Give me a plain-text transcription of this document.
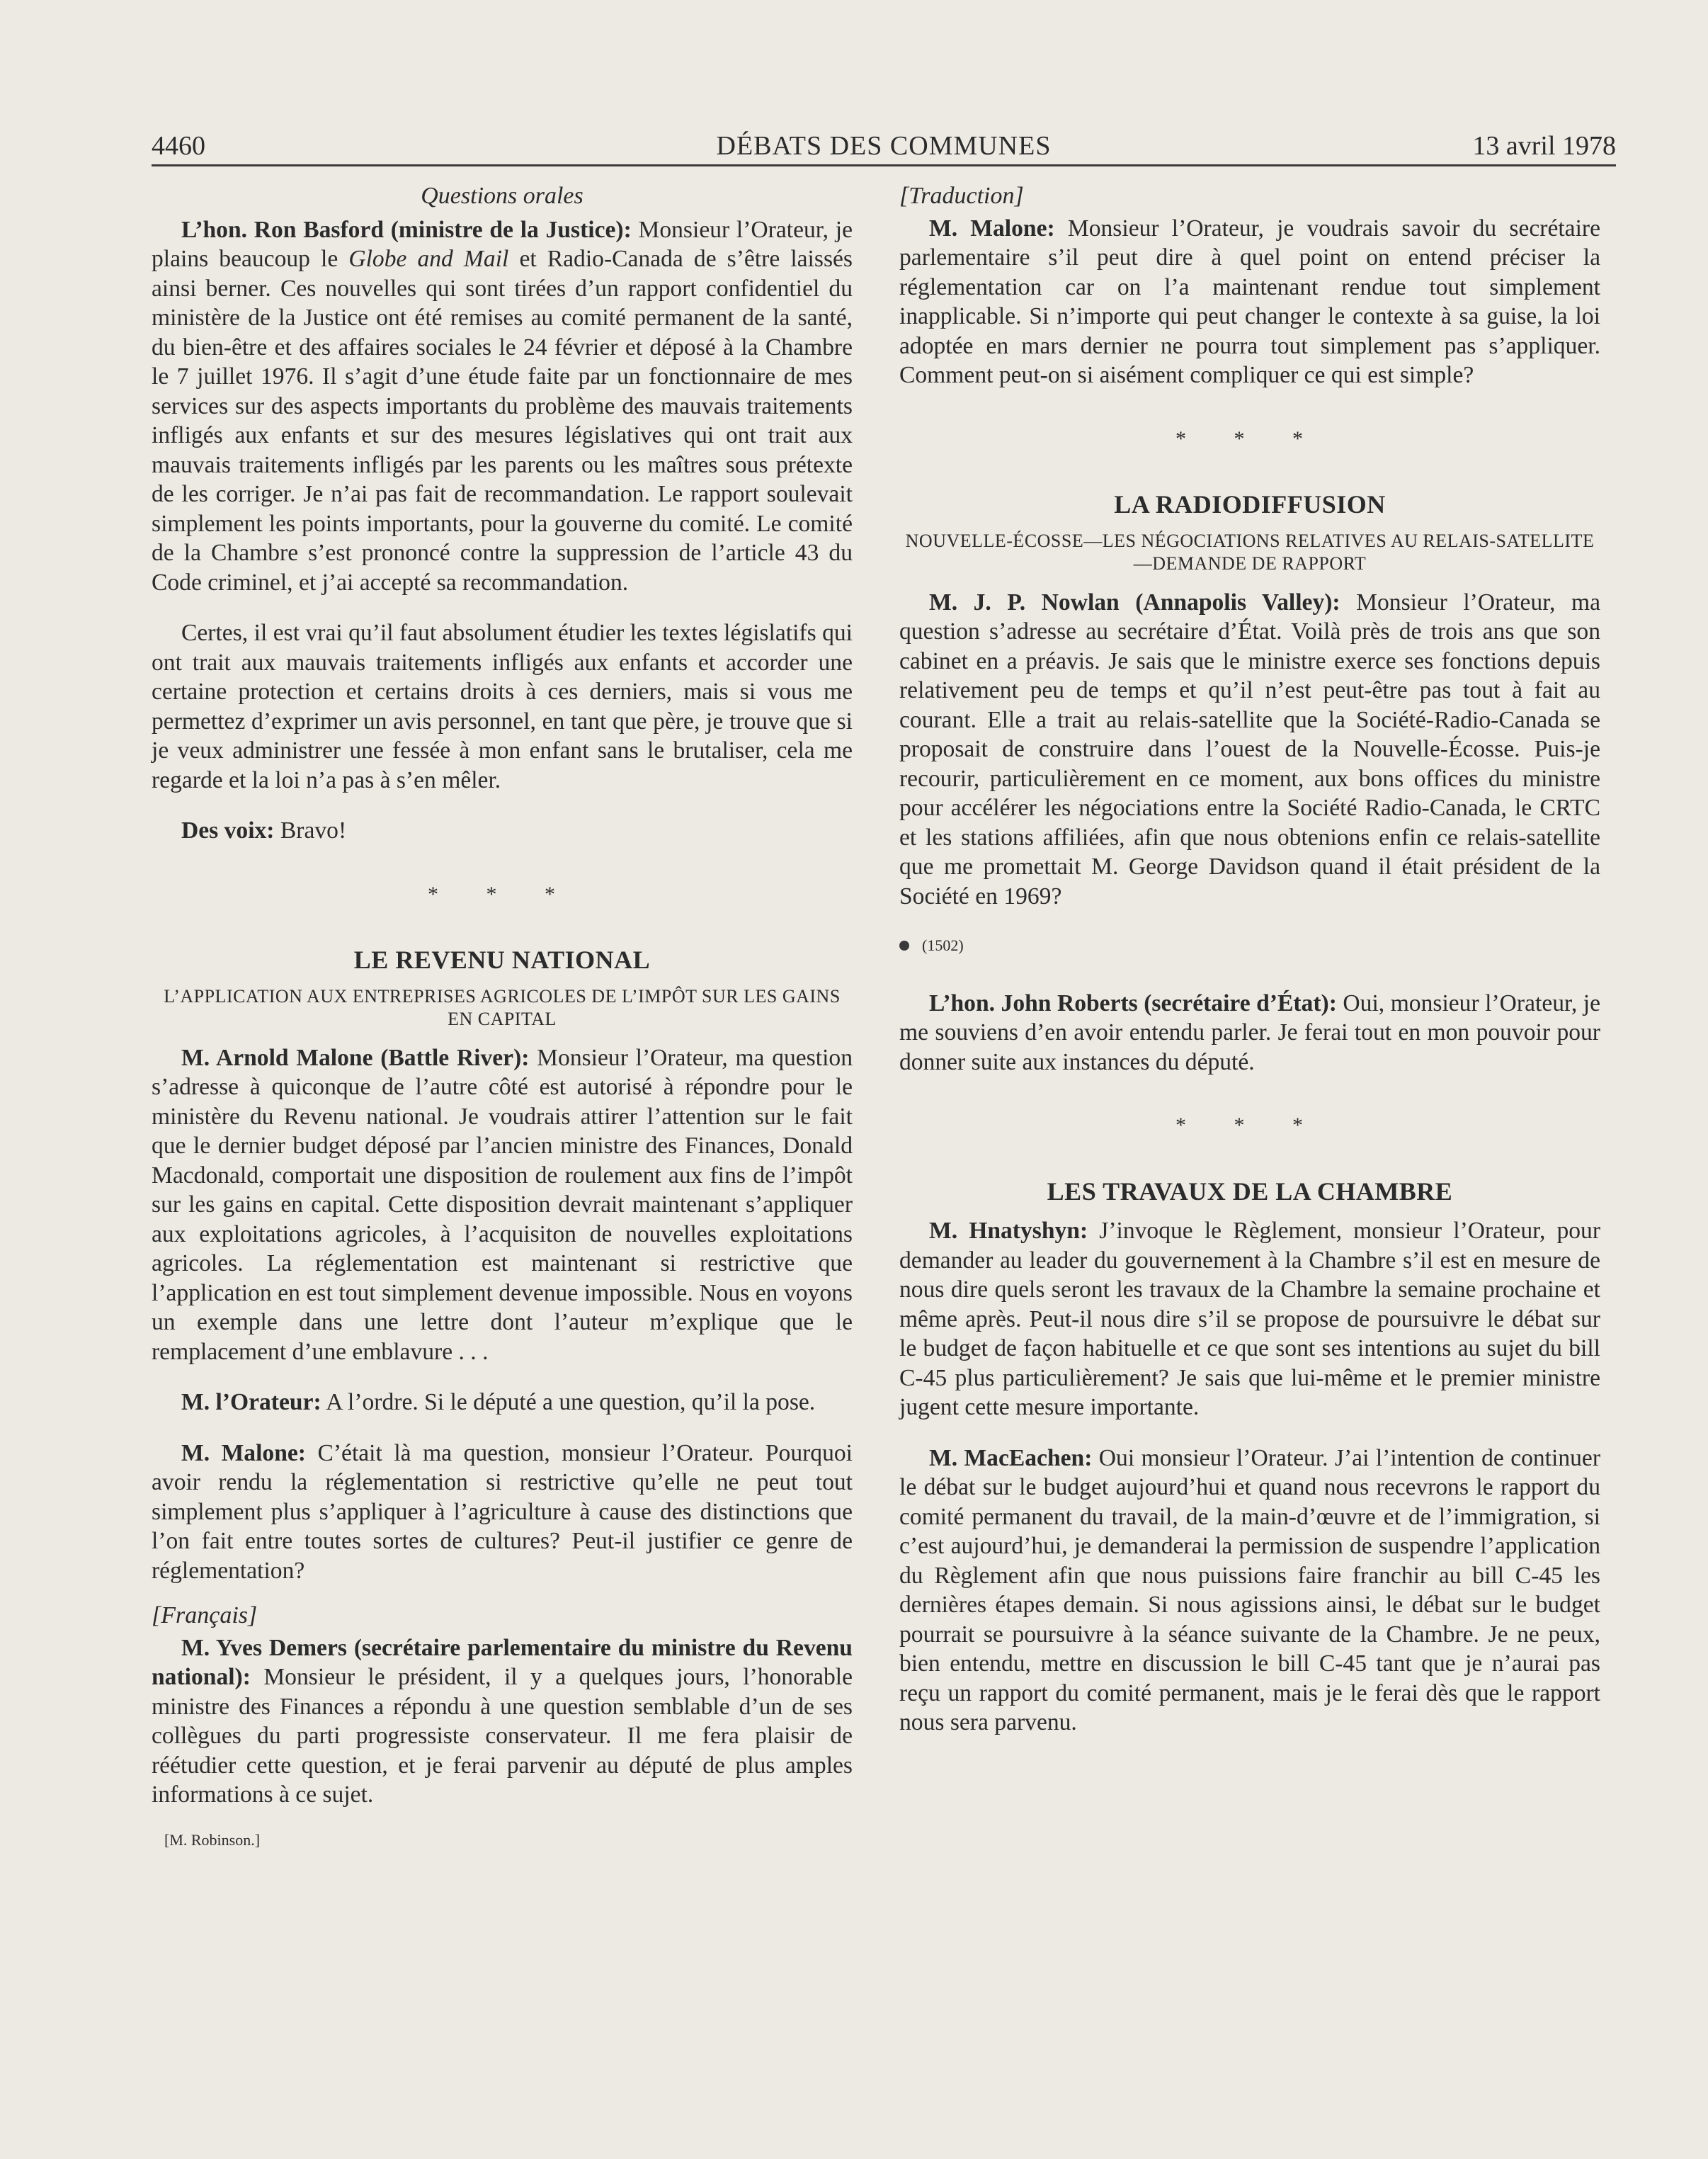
4460	DÉBATS DES COMMUNES	13 avril 1978
Questions orales

L’hon. Ron Basford (ministre de la Justice): Monsieur l’Orateur, je plains beaucoup le Globe and Mail et Radio-Canada de s’être laissés ainsi berner. Ces nouvelles qui sont tirées d’un rapport confidentiel du ministère de la Justice ont été remises au comité permanent de la santé, du bien-être et des affaires sociales le 24 février et déposé à la Chambre le 7 juillet 1976. Il s’agit d’une étude faite par un fonctionnaire de mes services sur des aspects importants du problème des mauvais traitements infligés aux enfants et sur des mesures législatives qui ont trait aux mauvais traitements infligés par les parents ou les maîtres sous prétexte de les corriger. Je n’ai pas fait de recommandation. Le rapport soulevait simplement les points importants, pour la gouverne du comité. Le comité de la Chambre s’est prononcé contre la suppression de l’article 43 du Code criminel, et j’ai accepté sa recommandation.

Certes, il est vrai qu’il faut absolument étudier les textes législatifs qui ont trait aux mauvais traitements infligés aux enfants et accorder une certaine protection et certains droits à ces derniers, mais si vous me permettez d’exprimer un avis personnel, en tant que père, je trouve que si je veux administrer une fessée à mon enfant sans le brutaliser, cela me regarde et la loi n’a pas à s’en mêler.

Des voix: Bravo!

* * *
LE REVENU NATIONAL
L’APPLICATION AUX ENTREPRISES AGRICOLES DE L’IMPÔT SUR LES GAINS EN CAPITAL

M. Arnold Malone (Battle River): Monsieur l’Orateur, ma question s’adresse à quiconque de l’autre côté est autorisé à répondre pour le ministère du Revenu national. Je voudrais attirer l’attention sur le fait que le dernier budget déposé par l’ancien ministre des Finances, Donald Macdonald, comportait une disposition de roulement aux fins de l’impôt sur les gains en capital. Cette disposition devrait maintenant s’appliquer aux exploitations agricoles, à l’acquisiton de nouvelles exploitations agricoles. La réglementation est maintenant si restrictive que l’application en est tout simplement devenue impossible. Nous en voyons un exemple dans une lettre dont l’auteur m’explique que le remplacement d’une emblavure . . .

M. l’Orateur: A l’ordre. Si le député a une question, qu’il la pose.

M. Malone: C’était là ma question, monsieur l’Orateur. Pourquoi avoir rendu la réglementation si restrictive qu’elle ne peut tout simplement plus s’appliquer à l’agriculture à cause des distinctions que l’on fait entre toutes sortes de cultures? Peut-il justifier ce genre de réglementation?

[Français]

M. Yves Demers (secrétaire parlementaire du ministre du Revenu national): Monsieur le président, il y a quelques jours, l’honorable ministre des Finances a répondu à une question semblable d’un de ses collègues du parti progressiste conservateur. Il me fera plaisir de réétudier cette question, et je ferai parvenir au député de plus amples informations à ce sujet.

[M. Robinson.]

[Traduction]

M. Malone: Monsieur l’Orateur, je voudrais savoir du secrétaire parlementaire s’il peut dire à quel point on entend préciser la réglementation car on l’a maintenant rendue tout simplement inapplicable. Si n’importe qui peut changer le contexte à sa guise, la loi adoptée en mars dernier ne pourra tout simplement pas s’appliquer. Comment peut-on si aisément compliquer ce qui est simple?

* * *
LA RADIODIFFUSION
NOUVELLE-ÉCOSSE—LES NÉGOCIATIONS RELATIVES AU RELAIS-SATELLITE—DEMANDE DE RAPPORT

M. J. P. Nowlan (Annapolis Valley): Monsieur l’Orateur, ma question s’adresse au secrétaire d’État. Voilà près de trois ans que son cabinet en a préavis. Je sais que le ministre exerce ses fonctions depuis relativement peu de temps et qu’il n’est peut-être pas tout à fait au courant. Elle a trait au relais-satellite que la Société-Radio-Canada se proposait de construire dans l’ouest de la Nouvelle-Écosse. Puis-je recourir, particulièrement en ce moment, aux bons offices du ministre pour accélérer les négociations entre la Société Radio-Canada, le CRTC et les stations affiliées, afin que nous obtenions enfin ce relais-satellite que me promettait M. George Davidson quand il était président de la Société en 1969?

(1502)

L’hon. John Roberts (secrétaire d’État): Oui, monsieur l’Orateur, je me souviens d’en avoir entendu parler. Je ferai tout en mon pouvoir pour donner suite aux instances du député.

* * *
LES TRAVAUX DE LA CHAMBRE

M. Hnatyshyn: J’invoque le Règlement, monsieur l’Orateur, pour demander au leader du gouvernement à la Chambre s’il est en mesure de nous dire quels seront les travaux de la Chambre la semaine prochaine et même après. Peut-il nous dire s’il se propose de poursuivre le débat sur le budget de façon habituelle et ce que sont ses intentions au sujet du bill C-45 plus particulièrement? Je sais que lui-même et le premier ministre jugent cette mesure importante.

M. MacEachen: Oui monsieur l’Orateur. J’ai l’intention de continuer le débat sur le budget aujourd’hui et quand nous recevrons le rapport du comité permanent du travail, de la main-d’œuvre et de l’immigration, si c’est aujourd’hui, je demanderai la permission de suspendre l’application du Règlement afin que nous puissions faire franchir au bill C-45 les dernières étapes demain. Si nous agissions ainsi, le débat sur le budget pourrait se poursuivre à la séance suivante de la Chambre. Je ne peux, bien entendu, mettre en discussion le bill C-45 tant que je n’aurai pas reçu un rapport du comité permanent, mais je le ferai dès que le rapport nous sera parvenu.
